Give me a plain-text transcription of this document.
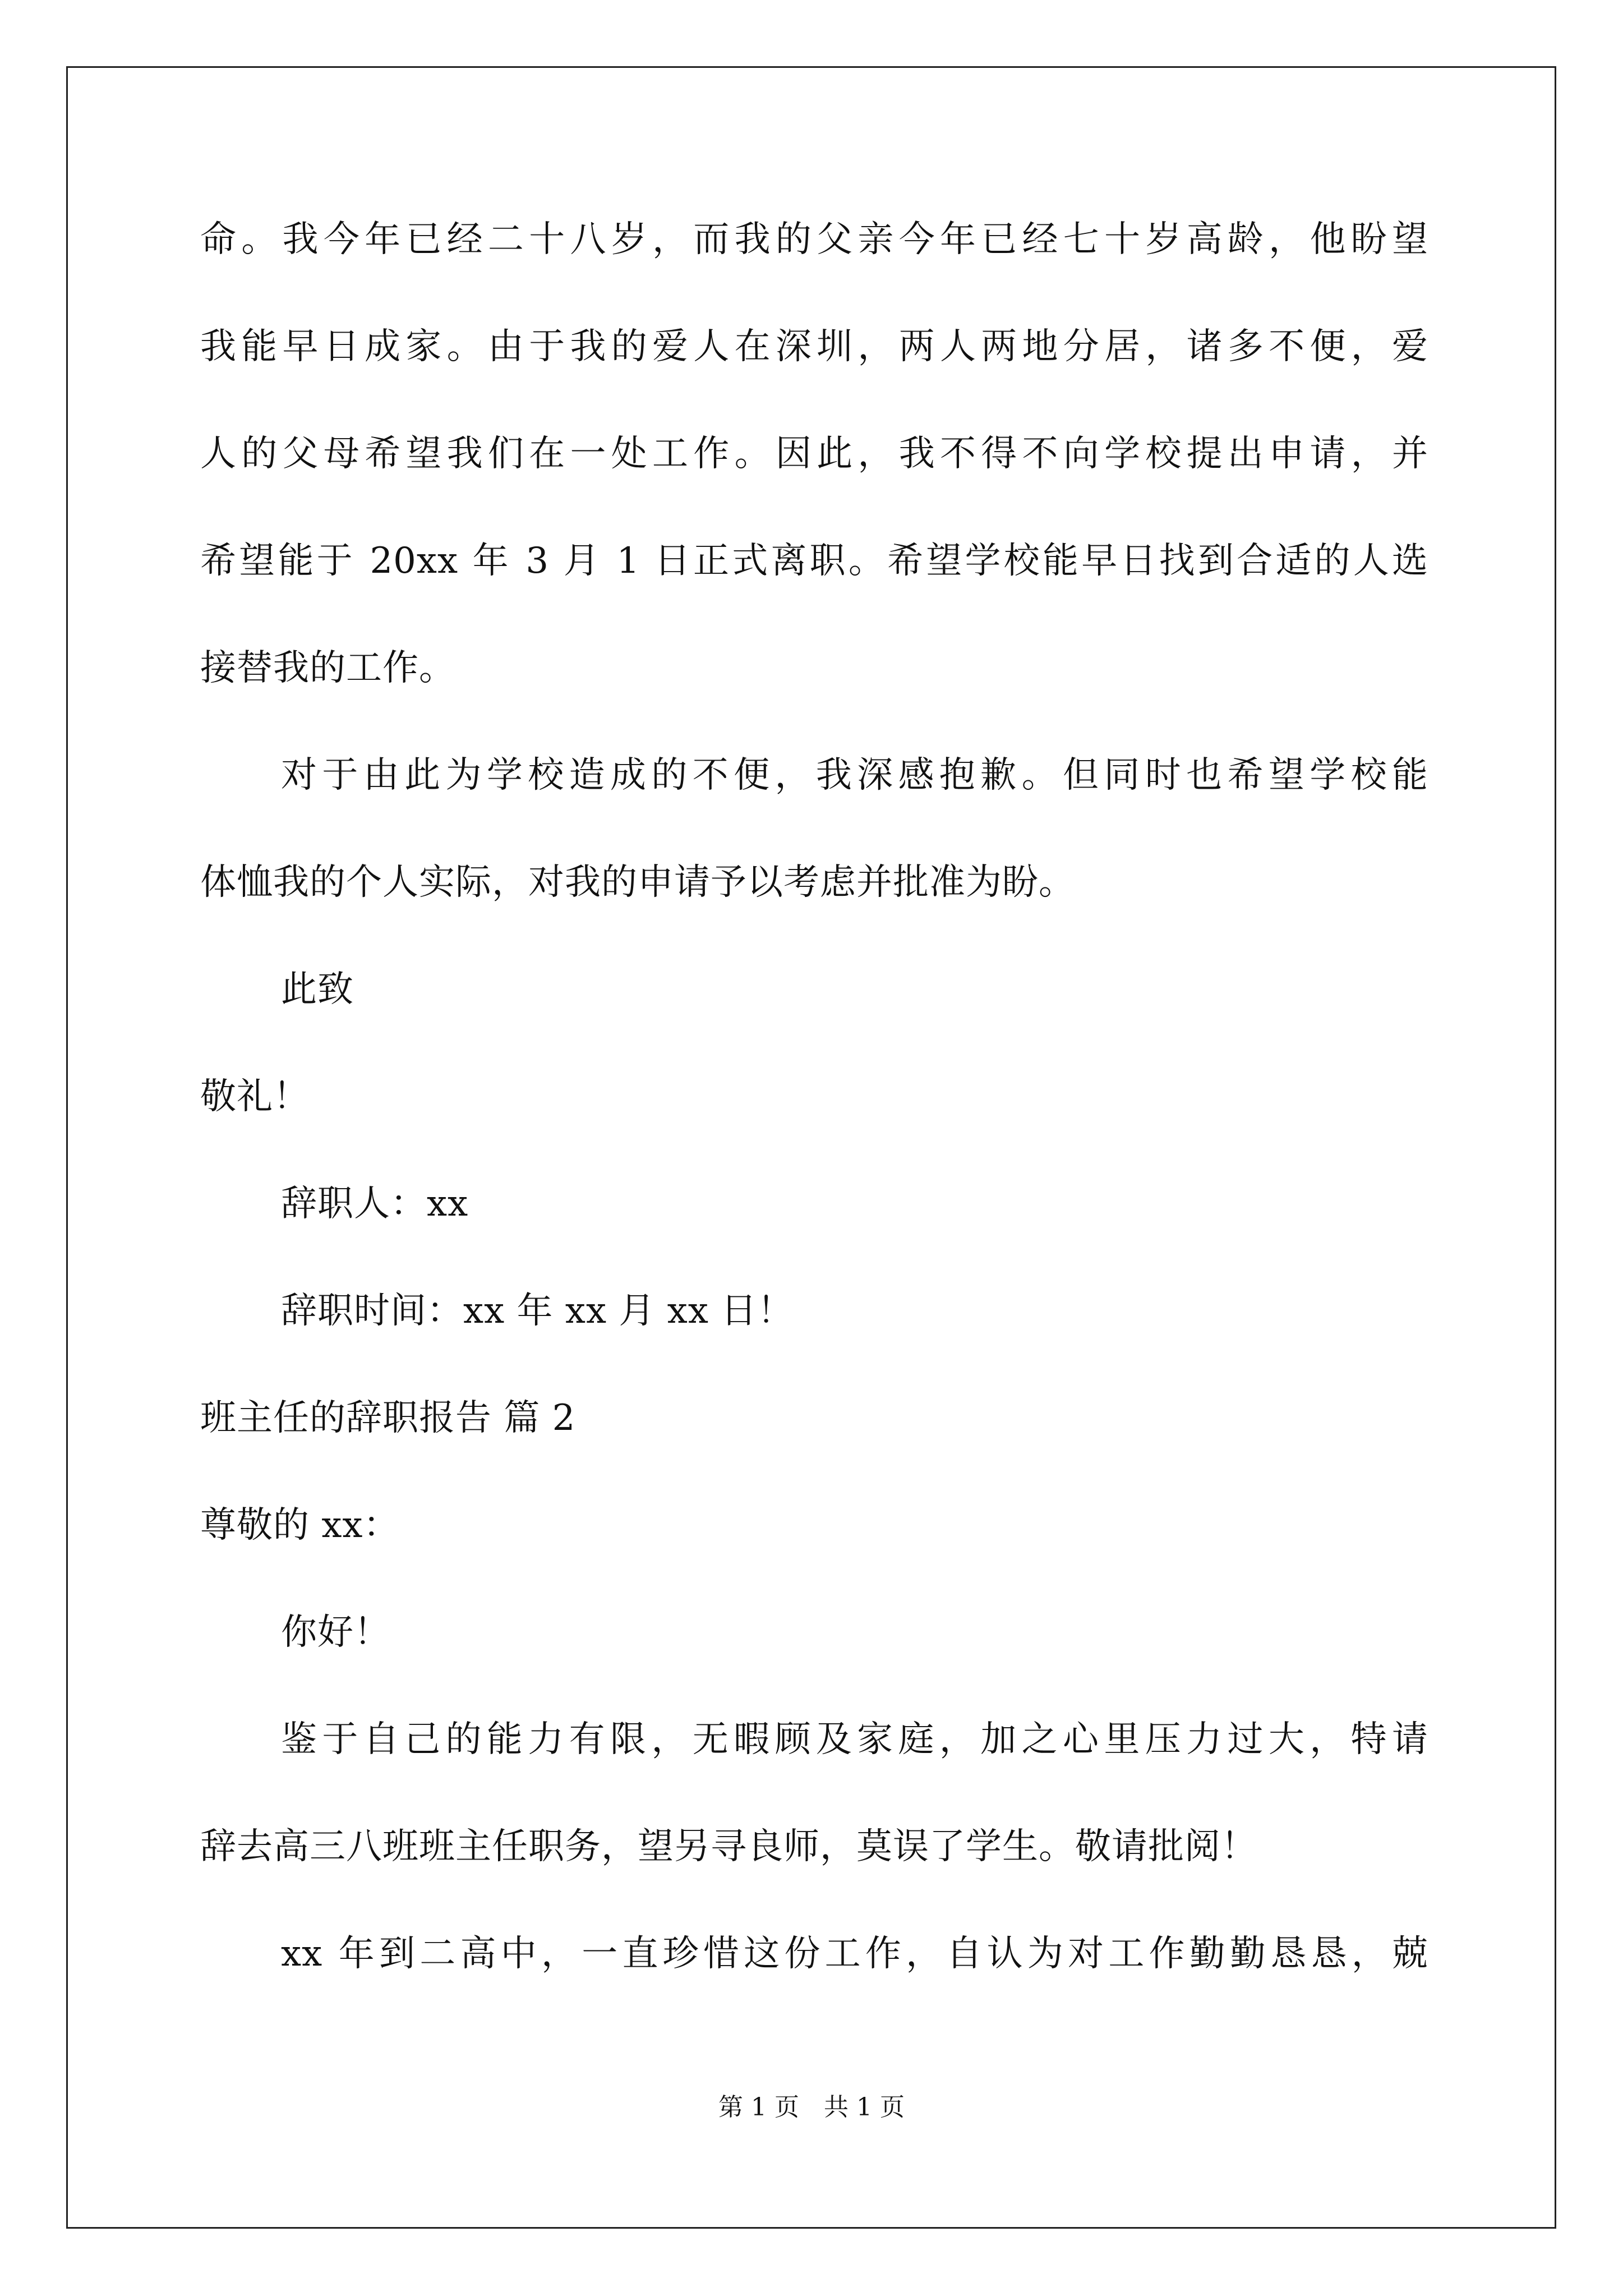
命。我今年已经二十八岁，而我的父亲今年已经七十岁高龄，他盼望
我能早日成家。由于我的爱人在深圳，两人两地分居，诸多不便，爱
人的父母希望我们在一处工作。因此，我不得不向学校提出申请，并
希望能于 20xx 年 3 月 1 日正式离职。希望学校能早日找到合适的人选
接替我的工作。
对于由此为学校造成的不便，我深感抱歉。但同时也希望学校能
体恤我的个人实际，对我的申请予以考虑并批准为盼。
此致
敬礼！
辞职人：xx
辞职时间：xx 年 xx 月 xx 日！
班主任的辞职报告 篇 2
尊敬的 xx：
你好！
鉴于自己的能力有限，无暇顾及家庭，加之心里压力过大，特请
辞去高三八班班主任职务，望另寻良师，莫误了学生。敬请批阅！
xx 年到二高中，一直珍惜这份工作，自认为对工作勤勤恳恳，兢
第 1 页　共 1 页
